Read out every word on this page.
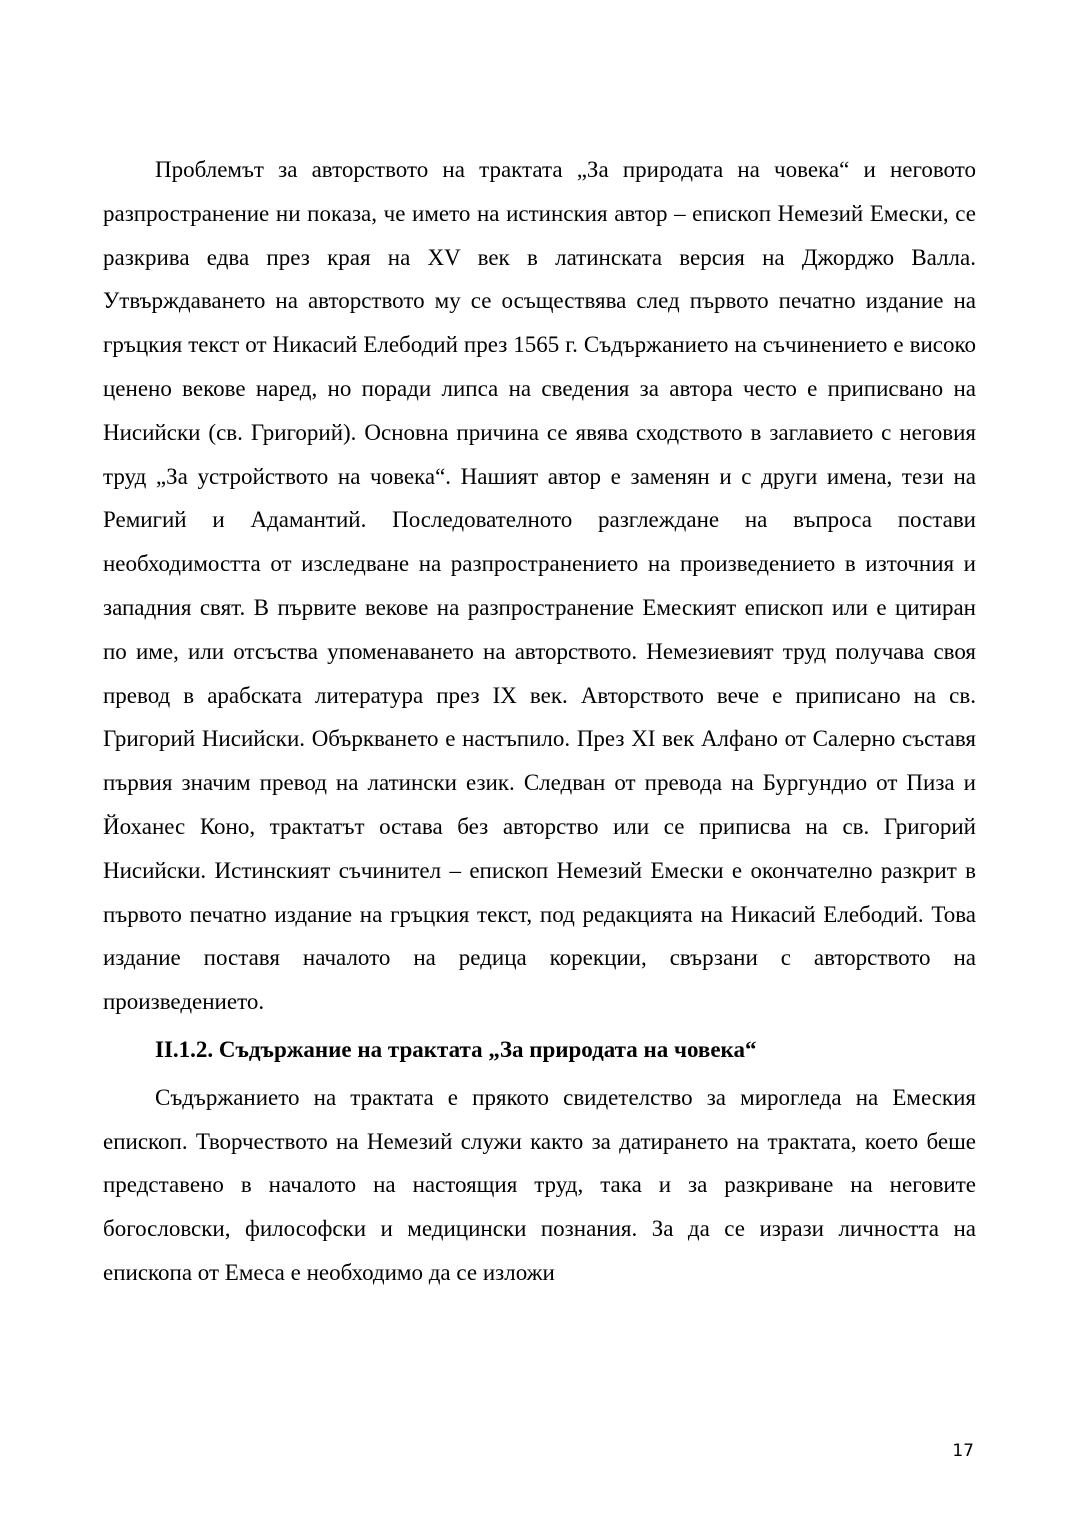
Проблемът за авторството на трактата „За природата на човека“ и неговото разпространение ни показа, че името на истинския автор – епископ Немезий Емески, се разкрива едва през края на XV век в латинската версия на Джорджо Валла. Утвърждаването на авторството му се осъществява след първото печатно издание на гръцкия текст от Никасий Елебодий през 1565 г. Съдържанието на съчинението е високо ценено векове наред, но поради липса на сведения за автора често е приписвано на Нисийски (св. Григорий). Основна причина се явява сходството в заглавието с неговия труд „За устройството на човека“. Нашият автор е заменян и с други имена, тези на Ремигий и Адамантий. Последователното разглеждане на въпроса постави необходимостта от изследване на разпространението на произведението в източния и западния свят. В първите векове на разпространение Емеският епископ или е цитиран по име, или отсъства упоменаването на авторството. Немезиевият труд получава своя превод в арабската литература през IX век. Авторството вече е приписано на св. Григорий Нисийски. Объркването е настъпило. През XI век Алфано от Салерно съставя първия значим превод на латински език. Следван от превода на Бургундио от Пиза и Йоханес Коно, трактатът остава без авторство или се приписва на св. Григорий Нисийски. Истинският съчинител – епископ Немезий Емески е окончателно разкрит в първото печатно издание на гръцкия текст, под редакцията на Никасий Елебодий. Това издание поставя началото на редица корекции, свързани с авторството на произведението.

II.1.2. Съдържание на трактата „За природата на човека“

Съдържанието на трактата е прякото свидетелство за мирогледа на Емеския епископ. Творчеството на Немезий служи както за датирането на трактата, което беше представено в началото на настоящия труд, така и за разкриване на неговите богословски, философски и медицински познания. За да се изрази личността на епископа от Емеса е необходимо да се изложи

17
